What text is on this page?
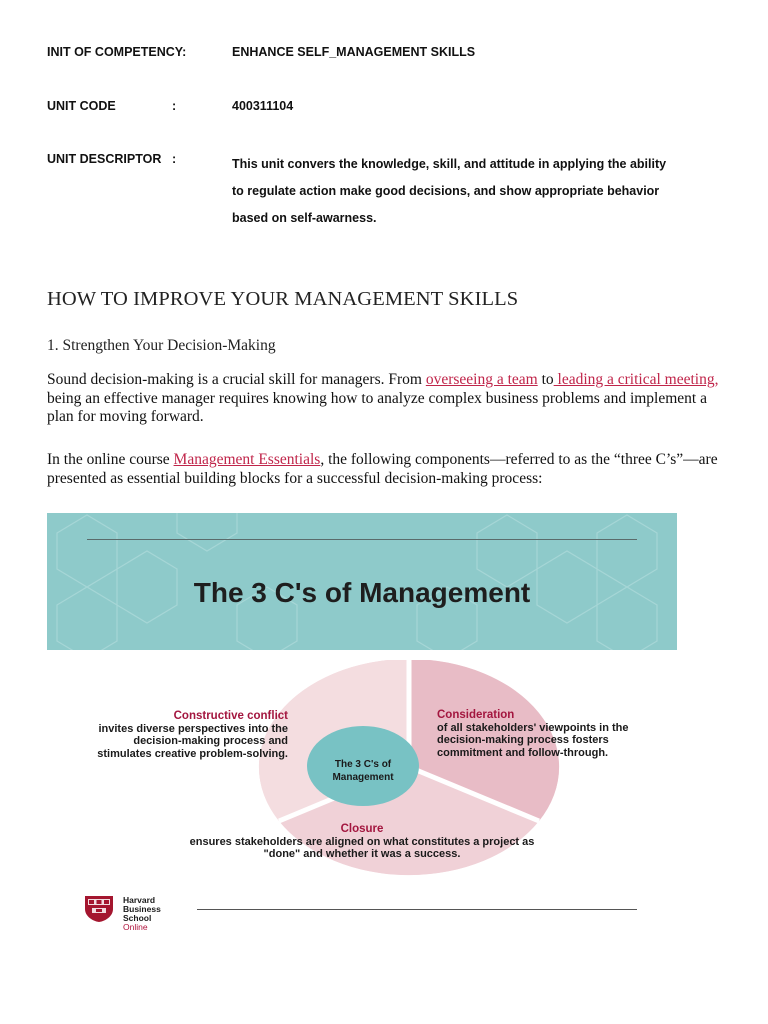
INIT OF COMPETENCY:	ENHANCE SELF_MANAGEMENT SKILLS
UNIT CODE	:	400311104
UNIT DESCRIPTOR :	This unit convers the knowledge, skill, and attitude in applying the ability to regulate action make good decisions, and show appropriate behavior based on self-awarness.
HOW TO IMPROVE YOUR MANAGEMENT SKILLS
1. Strengthen Your Decision-Making
Sound decision-making is a crucial skill for managers. From overseeing a team to leading a critical meeting, being an effective manager requires knowing how to analyze complex business problems and implement a plan for moving forward.
In the online course Management Essentials, the following components—referred to as the “three C’s”—are presented as essential building blocks for a successful decision-making process:
The 3 C's of Management
The 3 C's of Management
Constructive conflict
invites diverse perspectives into the decision-making process and stimulates creative problem-solving.
Consideration
of all stakeholders' viewpoints in the decision-making process fosters commitment and follow-through.
Closure
ensures stakeholders are aligned on what constitutes a project as "done" and whether it was a success.
Harvard
Business
School
Online
